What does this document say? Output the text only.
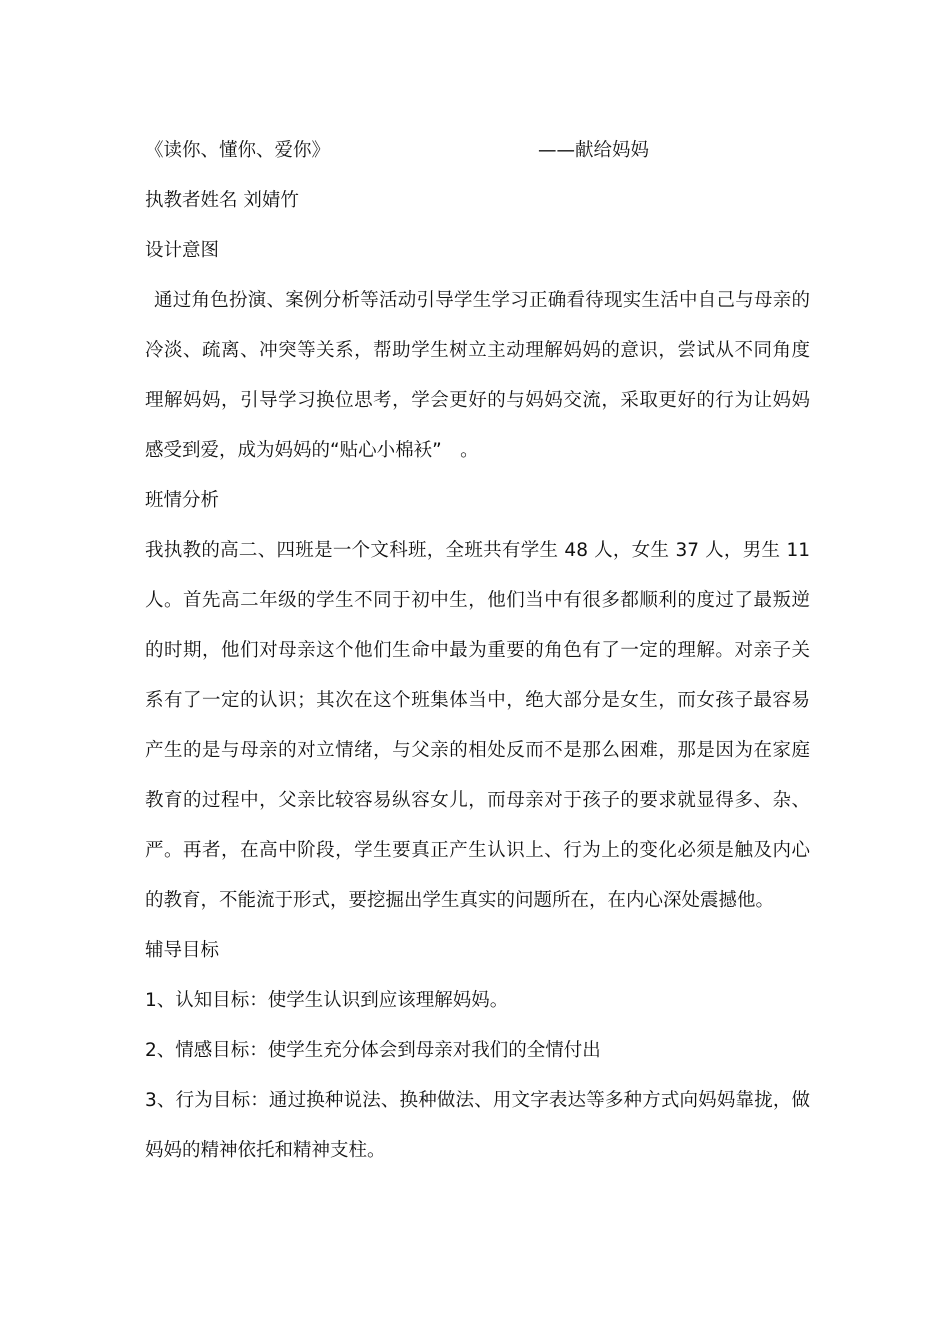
《读你、懂你、爱你》	——献给妈妈
执教者姓名 刘婧竹
设计意图
通过角色扮演、案例分析等活动引导学生学习正确看待现实生活中自己与母亲的冷淡、疏离、冲突等关系，帮助学生树立主动理解妈妈的意识，尝试从不同角度理解妈妈，引导学习换位思考，学会更好的与妈妈交流，采取更好的行为让妈妈感受到爱，成为妈妈的“贴心小棉袄”　。
班情分析
我执教的高二、四班是一个文科班，全班共有学生 48 人，女生 37 人，男生 11 人。首先高二年级的学生不同于初中生，他们当中有很多都顺利的度过了最叛逆的时期，他们对母亲这个他们生命中最为重要的角色有了一定的理解。对亲子关系有了一定的认识；其次在这个班集体当中，绝大部分是女生，而女孩子最容易产生的是与母亲的对立情绪，与父亲的相处反而不是那么困难，那是因为在家庭教育的过程中，父亲比较容易纵容女儿，而母亲对于孩子的要求就显得多、杂、严。再者，在高中阶段，学生要真正产生认识上、行为上的变化必须是触及内心的教育，不能流于形式，要挖掘出学生真实的问题所在，在内心深处震撼他。
辅导目标
1、认知目标：使学生认识到应该理解妈妈。
2、情感目标：使学生充分体会到母亲对我们的全情付出
3、行为目标：通过换种说法、换种做法、用文字表达等多种方式向妈妈靠拢，做妈妈的精神依托和精神支柱。
